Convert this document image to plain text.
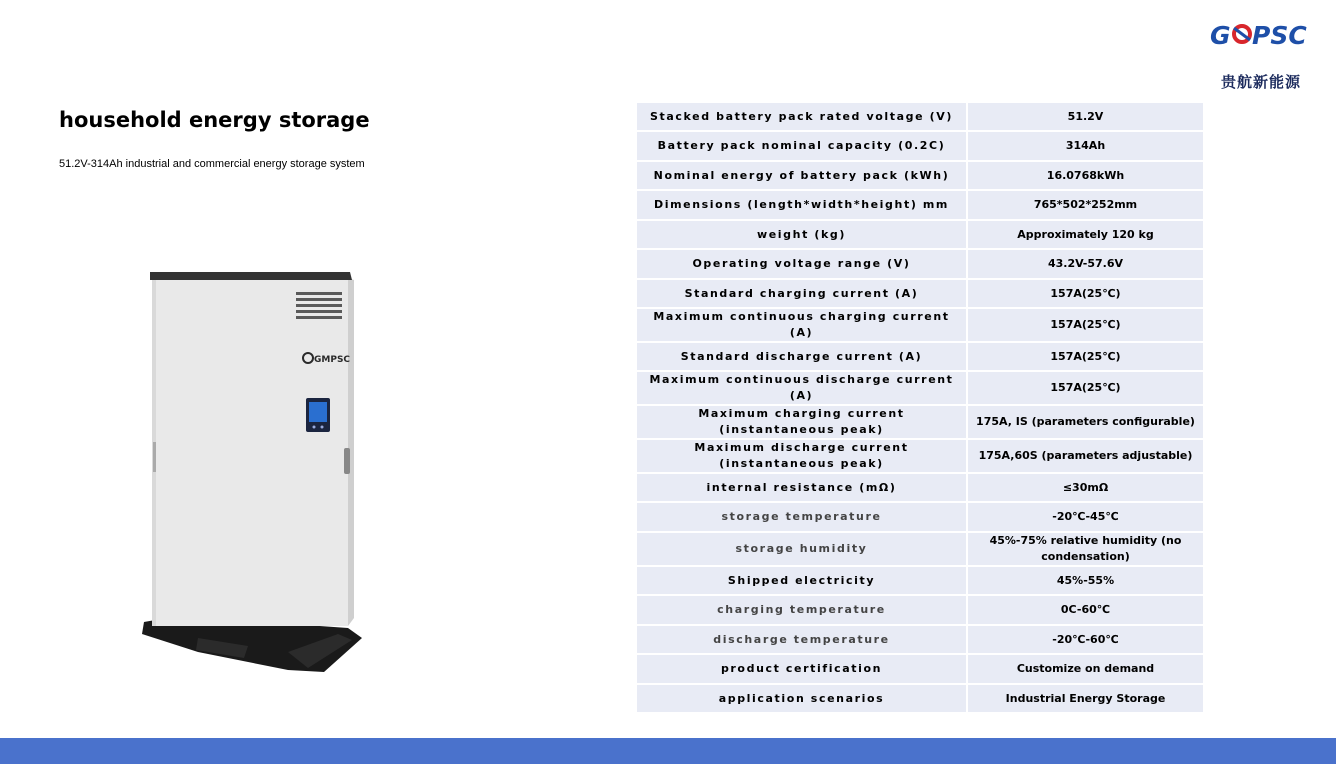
G PSC
贵航新能源
household energy storage
51.2V-314Ah industrial and commercial energy storage system
GMPSC
Stacked battery pack rated voltage (V)	51.2V
Battery pack nominal capacity (0.2C)	314Ah
Nominal energy of battery pack (kWh)	16.0768kWh
Dimensions (length*width*height) mm	765*502*252mm
weight (kg)	Approximately 120 kg
Operating voltage range (V)	43.2V-57.6V
Standard charging current (A)	157A(25℃)
Maximum continuous charging current (A)	157A(25℃)
Standard discharge current (A)	157A(25℃)
Maximum continuous discharge current (A)	157A(25℃)
Maximum charging current (instantaneous peak)	175A, IS (parameters configurable)
Maximum discharge current (instantaneous peak)	175A,60S (parameters adjustable)
internal resistance (mΩ)	≤30mΩ
storage temperature	-20℃-45℃
storage humidity	45%-75% relative humidity (no condensation)
Shipped electricity	45%-55%
charging temperature	0C-60℃
discharge temperature	-20℃-60℃
product certification	Customize on demand
application scenarios	Industrial Energy Storage
